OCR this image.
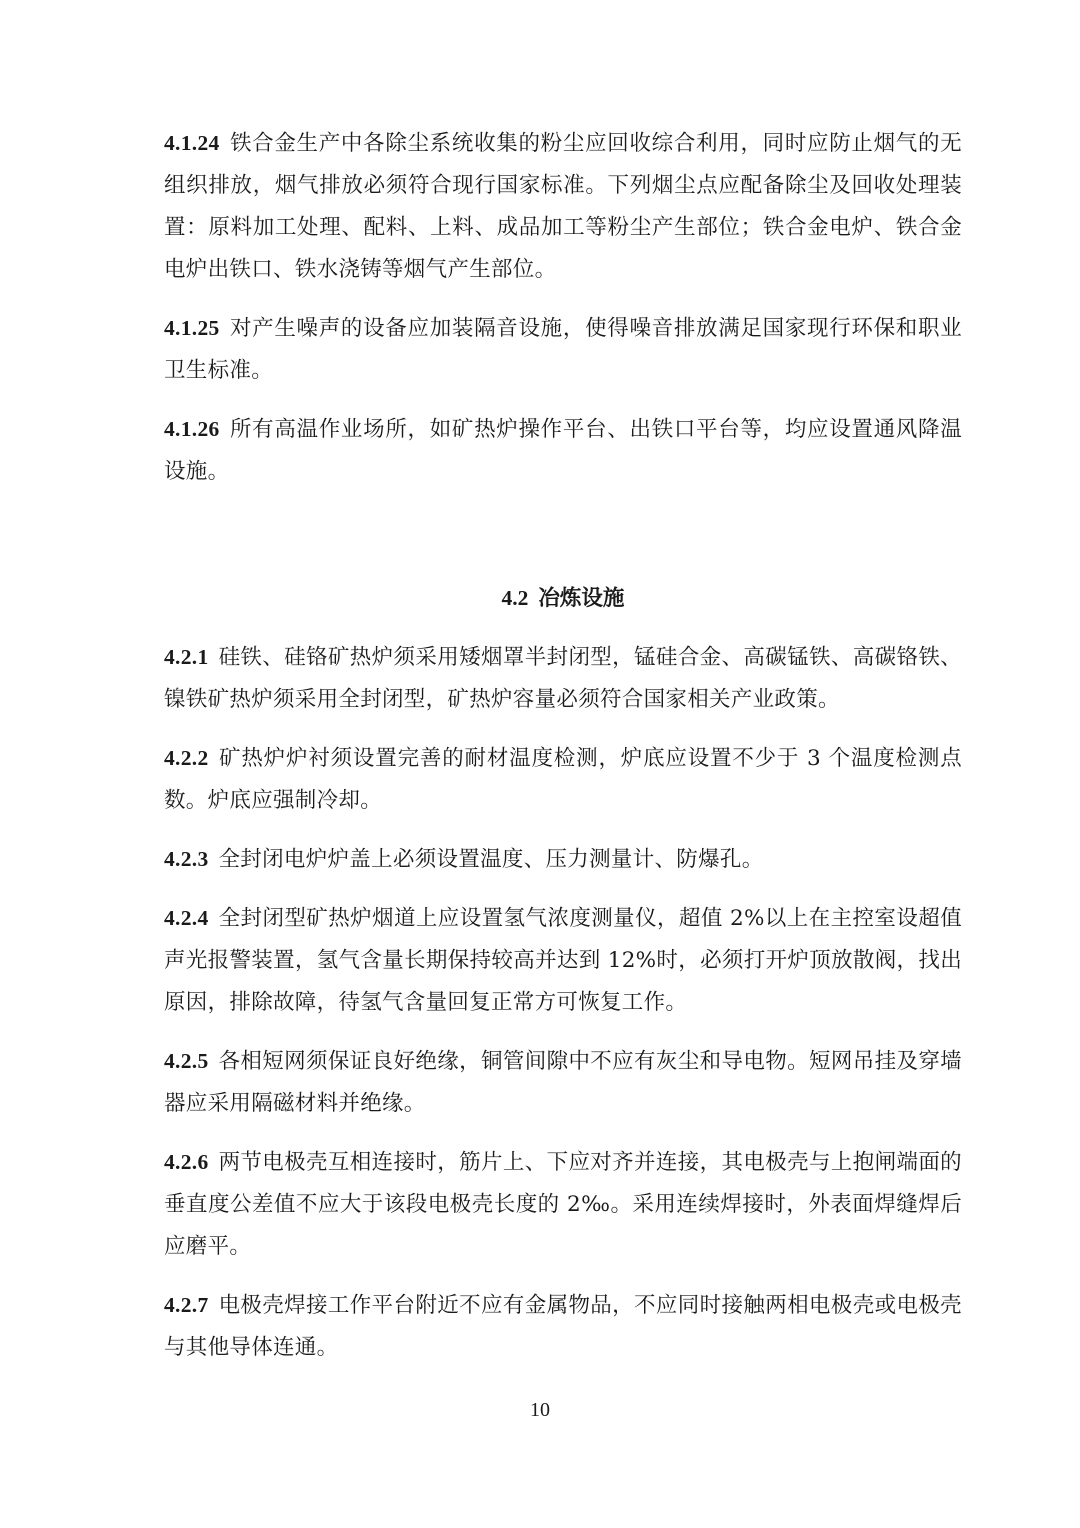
4.1.24 铁合金生产中各除尘系统收集的粉尘应回收综合利用，同时应防止烟气的无组织排放，烟气排放必须符合现行国家标准。下列烟尘点应配备除尘及回收处理装置：原料加工处理、配料、上料、成品加工等粉尘产生部位；铁合金电炉、铁合金电炉出铁口、铁水浇铸等烟气产生部位。

4.1.25 对产生噪声的设备应加装隔音设施，使得噪音排放满足国家现行环保和职业卫生标准。

4.1.26 所有高温作业场所，如矿热炉操作平台、出铁口平台等，均应设置通风降温设施。

4.2 冶炼设施

4.2.1 硅铁、硅铬矿热炉须采用矮烟罩半封闭型，锰硅合金、高碳锰铁、高碳铬铁、镍铁矿热炉须采用全封闭型，矿热炉容量必须符合国家相关产业政策。

4.2.2 矿热炉炉衬须设置完善的耐材温度检测，炉底应设置不少于 3 个温度检测点数。炉底应强制冷却。

4.2.3 全封闭电炉炉盖上必须设置温度、压力测量计、防爆孔。

4.2.4 全封闭型矿热炉烟道上应设置氢气浓度测量仪，超值 2%以上在主控室设超值声光报警装置，氢气含量长期保持较高并达到 12%时，必须打开炉顶放散阀，找出原因，排除故障，待氢气含量回复正常方可恢复工作。

4.2.5 各相短网须保证良好绝缘，铜管间隙中不应有灰尘和导电物。短网吊挂及穿墙器应采用隔磁材料并绝缘。

4.2.6 两节电极壳互相连接时，筋片上、下应对齐并连接，其电极壳与上抱闸端面的垂直度公差值不应大于该段电极壳长度的 2‰。采用连续焊接时，外表面焊缝焊后应磨平。

4.2.7 电极壳焊接工作平台附近不应有金属物品，不应同时接触两相电极壳或电极壳与其他导体连通。

10
